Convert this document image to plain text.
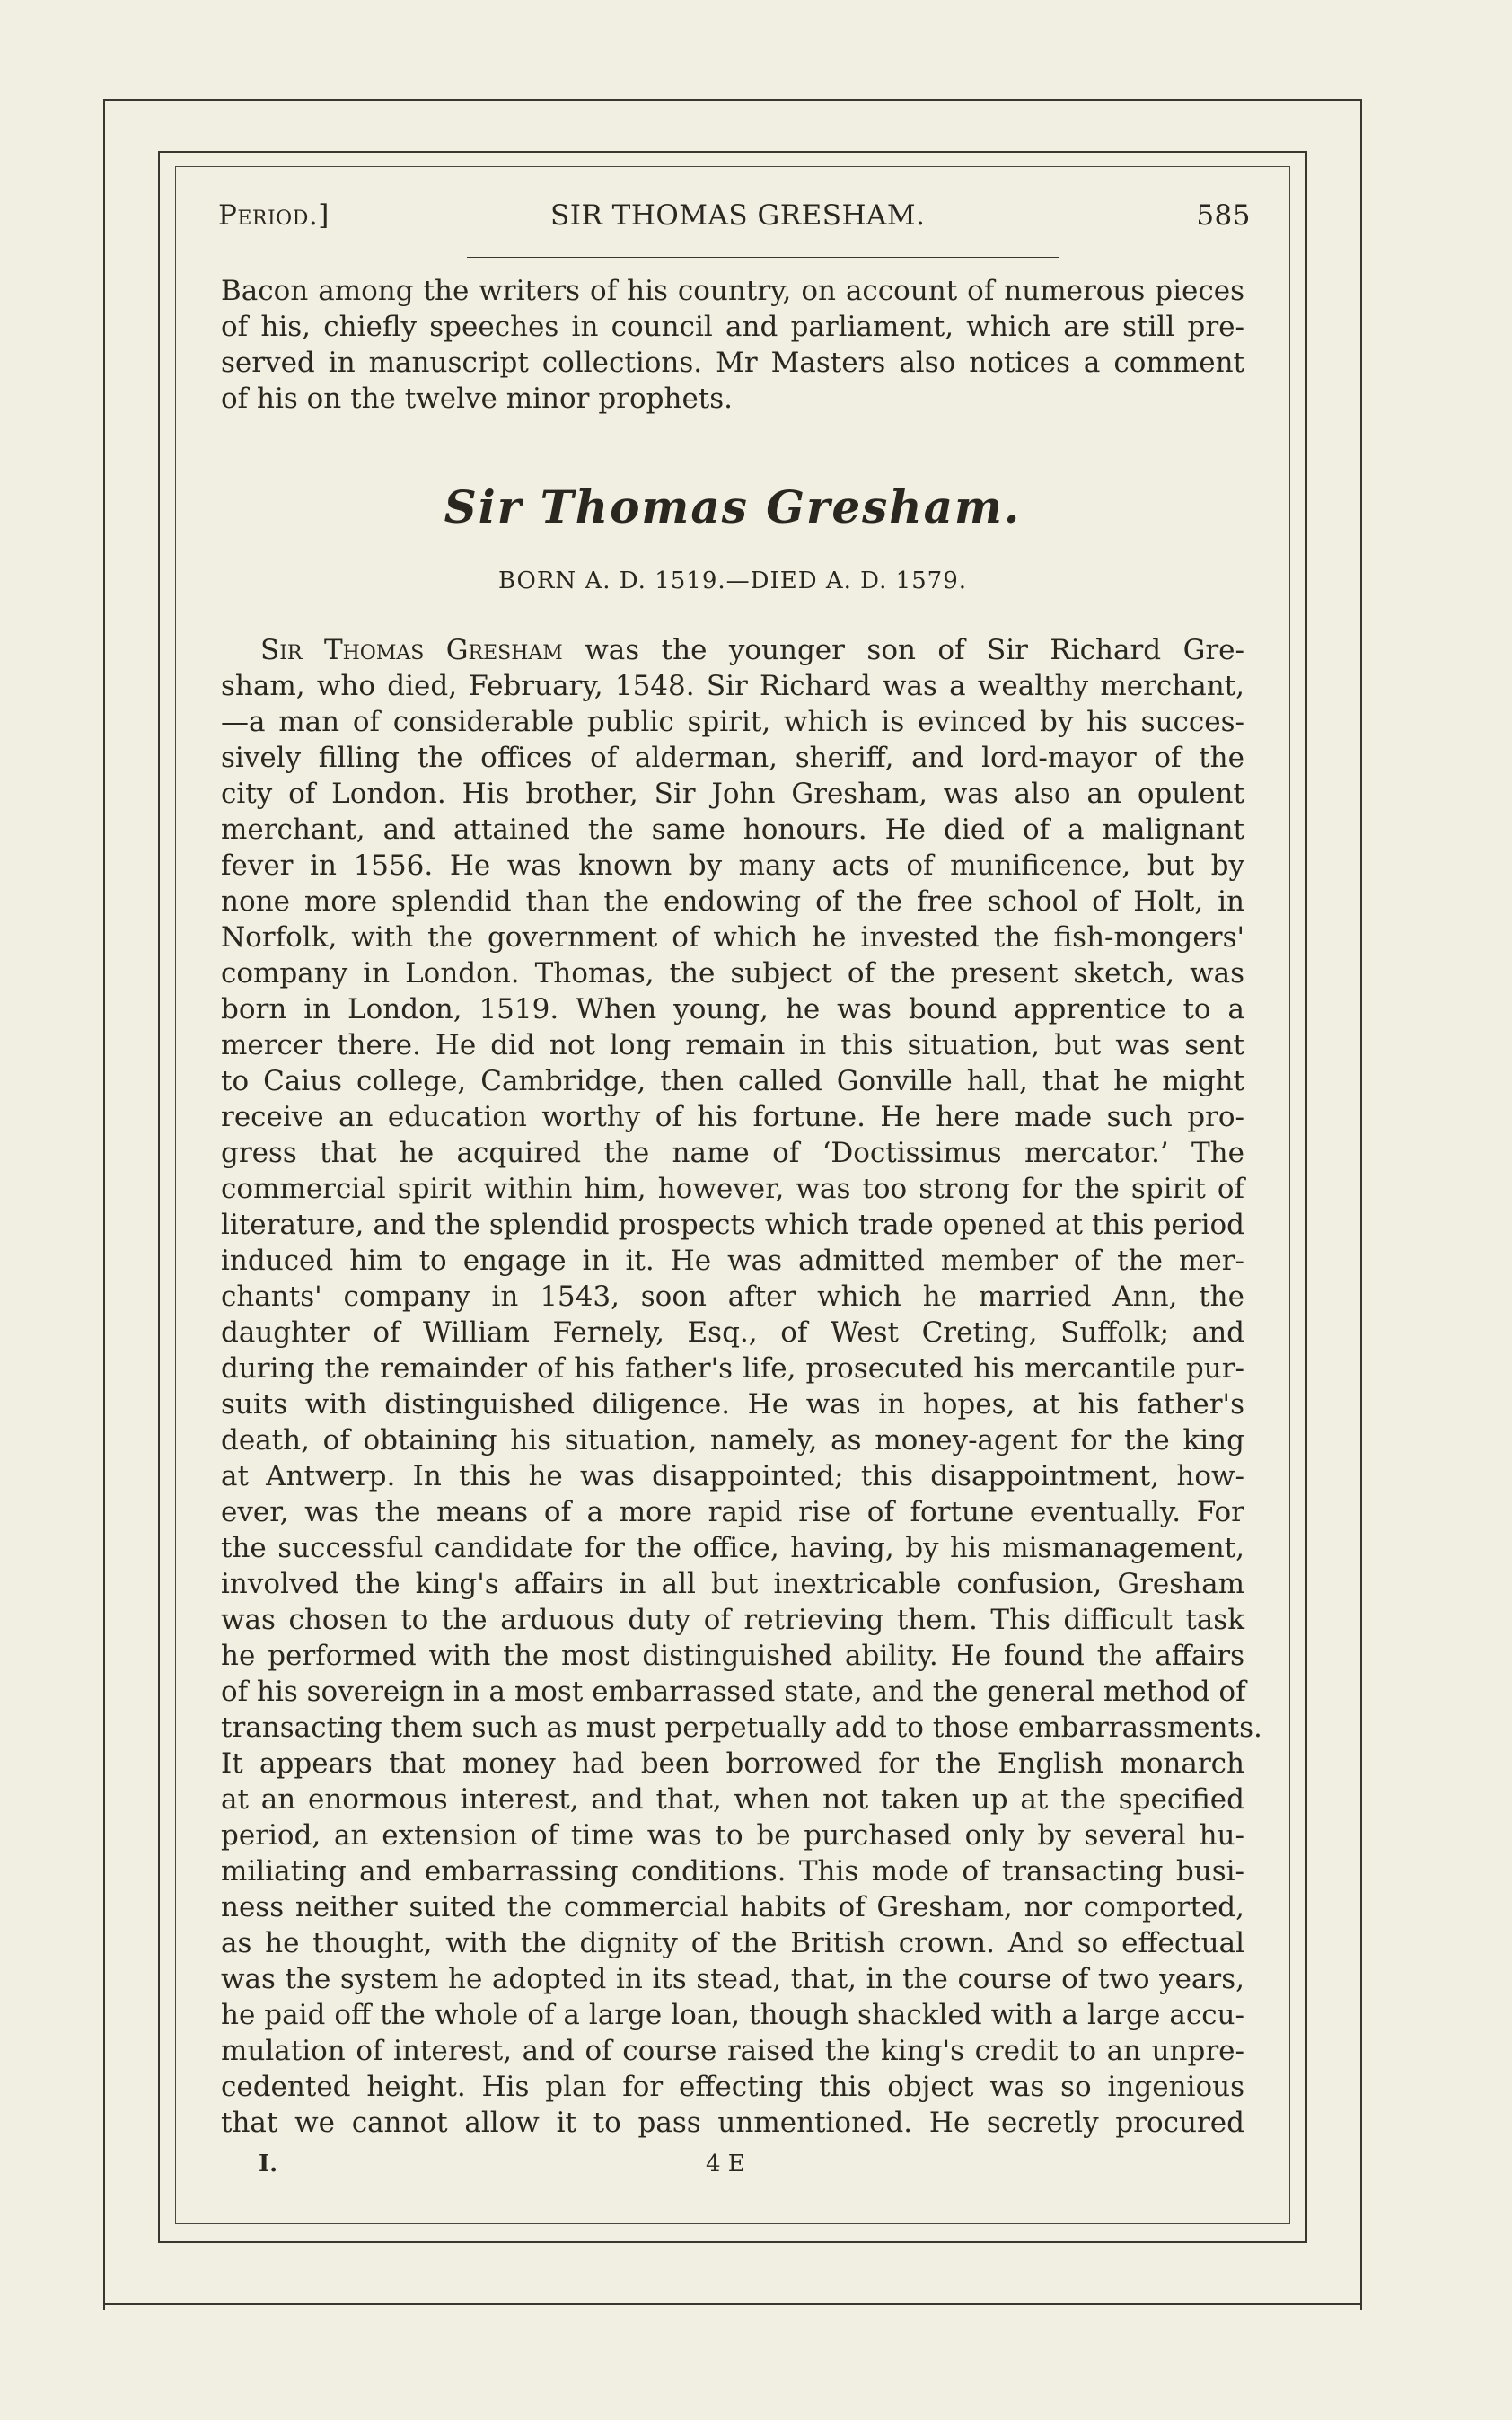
Period.]	SIR THOMAS GRESHAM.	585
Bacon among the writers of his country, on account of numerous pieces
of his, chiefly speeches in council and parliament, which are still pre-
served in manuscript collections. Mr Masters also notices a comment
of his on the twelve minor prophets.
Sir Thomas Gresham.
BORN A. D. 1519.—DIED A. D. 1579.
Sir Thomas Gresham was the younger son of Sir Richard Gre-
sham, who died, February, 1548. Sir Richard was a wealthy merchant,
—a man of considerable public spirit, which is evinced by his succes-
sively filling the offices of alderman, sheriff, and lord-mayor of the
city of London. His brother, Sir John Gresham, was also an opulent
merchant, and attained the same honours. He died of a malignant
fever in 1556. He was known by many acts of munificence, but by
none more splendid than the endowing of the free school of Holt, in
Norfolk, with the government of which he invested the fish-mongers'
company in London. Thomas, the subject of the present sketch, was
born in London, 1519. When young, he was bound apprentice to a
mercer there. He did not long remain in this situation, but was sent
to Caius college, Cambridge, then called Gonville hall, that he might
receive an education worthy of his fortune. He here made such pro-
gress that he acquired the name of ‘Doctissimus mercator.’ The
commercial spirit within him, however, was too strong for the spirit of
literature, and the splendid prospects which trade opened at this period
induced him to engage in it. He was admitted member of the mer-
chants' company in 1543, soon after which he married Ann, the
daughter of William Fernely, Esq., of West Creting, Suffolk; and
during the remainder of his father's life, prosecuted his mercantile pur-
suits with distinguished diligence. He was in hopes, at his father's
death, of obtaining his situation, namely, as money-agent for the king
at Antwerp. In this he was disappointed; this disappointment, how-
ever, was the means of a more rapid rise of fortune eventually. For
the successful candidate for the office, having, by his mismanagement,
involved the king's affairs in all but inextricable confusion, Gresham
was chosen to the arduous duty of retrieving them. This difficult task
he performed with the most distinguished ability. He found the affairs
of his sovereign in a most embarrassed state, and the general method of
transacting them such as must perpetually add to those embarrassments.
It appears that money had been borrowed for the English monarch
at an enormous interest, and that, when not taken up at the specified
period, an extension of time was to be purchased only by several hu-
miliating and embarrassing conditions. This mode of transacting busi-
ness neither suited the commercial habits of Gresham, nor comported,
as he thought, with the dignity of the British crown. And so effectual
was the system he adopted in its stead, that, in the course of two years,
he paid off the whole of a large loan, though shackled with a large accu-
mulation of interest, and of course raised the king's credit to an unpre-
cedented height. His plan for effecting this object was so ingenious
that we cannot allow it to pass unmentioned. He secretly procured
I.	4 E
